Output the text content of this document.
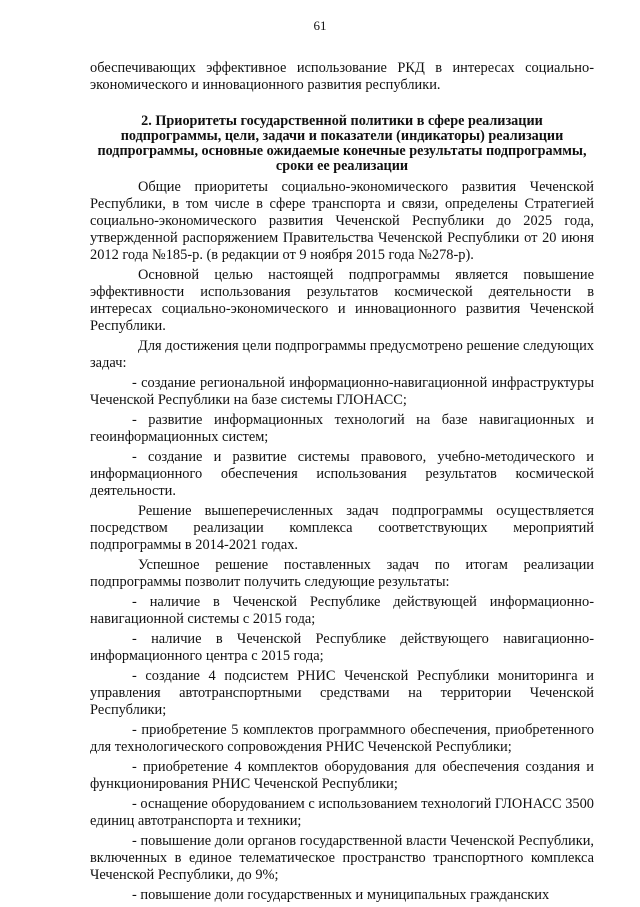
61

обеспечивающих эффективное использование РКД в интересах социально-экономического и инновационного развития республики.

2. Приоритеты государственной политики в сфере реализации подпрограммы, цели, задачи и показатели (индикаторы) реализации подпрограммы, основные ожидаемые конечные результаты подпрограммы, сроки ее реализации

Общие приоритеты социально-экономического развития Чеченской Республики, в том числе в сфере транспорта и связи, определены Стратегией социально-экономического развития Чеченской Республики до 2025 года, утвержденной распоряжением Правительства Чеченской Республики от 20 июня 2012 года №185-р. (в редакции от 9 ноября 2015 года №278-р).

Основной целью настоящей подпрограммы является повышение эффективности использования результатов космической деятельности в интересах социально-экономического и инновационного развития Чеченской Республики.

Для достижения цели подпрограммы предусмотрено решение следующих задач:

- создание региональной информационно-навигационной инфраструктуры Чеченской Республики на базе системы ГЛОНАСС;

- развитие информационных технологий на базе навигационных и геоинформационных систем;

- создание и развитие системы правового, учебно-методического и информационного обеспечения использования результатов космической деятельности.

Решение вышеперечисленных задач подпрограммы осуществляется посредством реализации комплекса соответствующих мероприятий подпрограммы в 2014-2021 годах.

Успешное решение поставленных задач по итогам реализации подпрограммы позволит получить следующие результаты:

- наличие в Чеченской Республике действующей информационно-навигационной системы с 2015 года;

- наличие в Чеченской Республике действующего навигационно-информационного центра с 2015 года;

- создание 4 подсистем РНИС Чеченской Республики мониторинга и управления автотранспортными средствами на территории Чеченской Республики;

- приобретение 5 комплектов программного обеспечения, приобретенного для технологического сопровождения РНИС Чеченской Республики;

- приобретение 4 комплектов оборудования для обеспечения создания и функционирования РНИС Чеченской Республики;

- оснащение оборудованием с использованием технологий ГЛОНАСС 3500 единиц автотранспорта и техники;

- повышение доли органов государственной власти Чеченской Республики, включенных в единое телематическое пространство транспортного комплекса Чеченской Республики, до 9%;

- повышение доли государственных и муниципальных гражданских
